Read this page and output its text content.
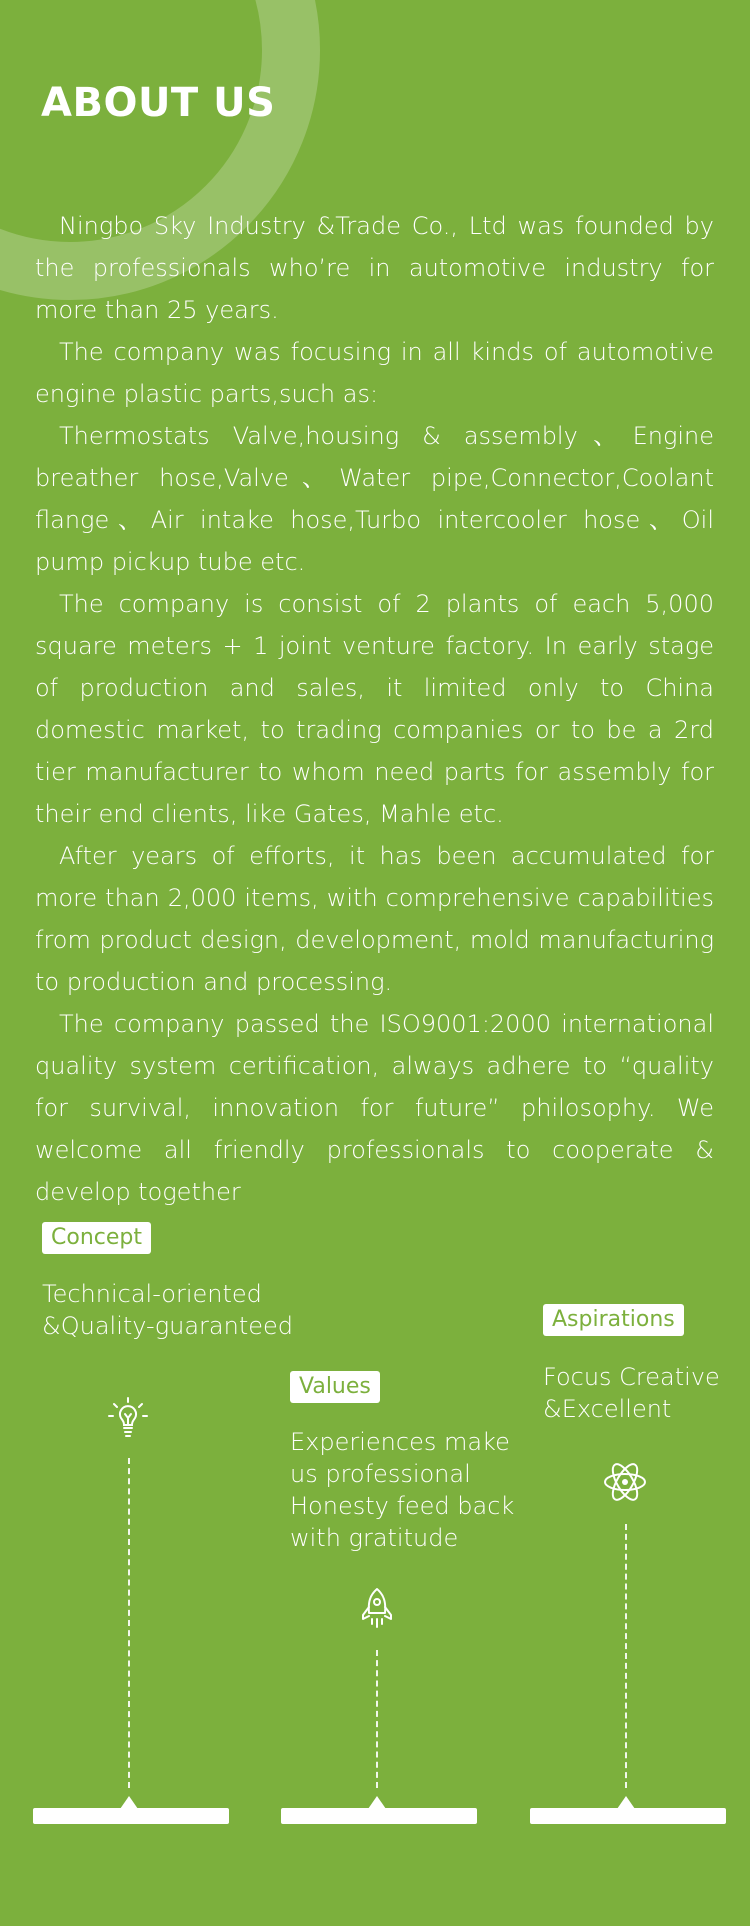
ABOUT US

Ningbo Sky Industry &Trade Co., Ltd was founded by the professionals who’re in automotive industry for more than 25 years.

The company was focusing in all kinds of automotive engine plastic parts,such as:

Thermostats Valve,housing & assembly、Engine breather hose,Valve、Water pipe,Connector,Coolant flange、Air intake hose,Turbo intercooler hose、Oil pump pickup tube etc.

The company is consist of 2 plants of each 5,000 square meters + 1 joint venture factory. In early stage of production and sales, it limited only to China domestic market, to trading companies or to be a 2rd tier manufacturer to whom need parts for assembly for their end clients, like Gates, Mahle etc.

After years of efforts, it has been accumulated for more than 2,000 items, with comprehensive capabilities from product design, development, mold manufacturing to production and processing.

The company passed the ISO9001:2000 international quality system certification, always adhere to “quality for survival, innovation for future” philosophy. We welcome all friendly professionals to cooperate & develop together

Concept
Technical-oriented
&Quality-guaranteed
Values
Experiences make
us professional
Honesty feed back
with gratitude
Aspirations
Focus Creative
&Excellent
